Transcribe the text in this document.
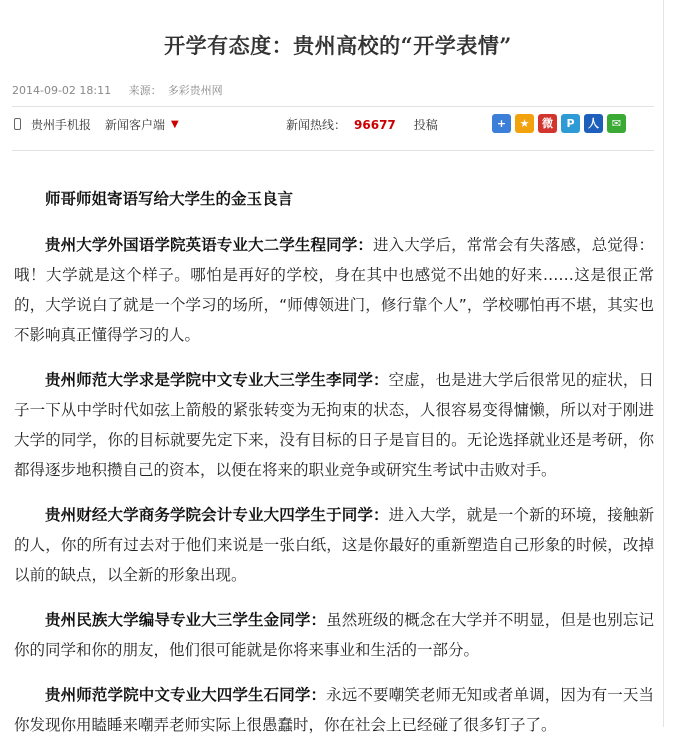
开学有态度：贵州高校的“开学表情”
2014-09-02 18:11 来源： 多彩贵州网
贵州手机报 新闻客户端 ▼	新闻热线： 96677 投稿	+	★	微	P	人	✉

师哥师姐寄语写给大学生的金玉良言

贵州大学外国语学院英语专业大二学生程同学：进入大学后，常常会有失落感，总觉得：哦！大学就是这个样子。哪怕是再好的学校，身在其中也感觉不出她的好来……这是很正常的，大学说白了就是一个学习的场所，“师傅领进门，修行靠个人”，学校哪怕再不堪，其实也不影响真正懂得学习的人。

贵州师范大学求是学院中文专业大三学生李同学：空虚，也是进大学后很常见的症状，日子一下从中学时代如弦上箭般的紧张转变为无拘束的状态，人很容易变得慵懒，所以对于刚进大学的同学，你的目标就要先定下来，没有目标的日子是盲目的。无论选择就业还是考研，你都得逐步地积攒自己的资本，以便在将来的职业竞争或研究生考试中击败对手。

贵州财经大学商务学院会计专业大四学生于同学：进入大学，就是一个新的环境，接触新的人，你的所有过去对于他们来说是一张白纸，这是你最好的重新塑造自己形象的时候，改掉以前的缺点，以全新的形象出现。

贵州民族大学编导专业大三学生金同学：虽然班级的概念在大学并不明显，但是也别忘记你的同学和你的朋友，他们很可能就是你将来事业和生活的一部分。

贵州师范学院中文专业大四学生石同学：永远不要嘲笑老师无知或者单调，因为有一天当你发现你用瞌睡来嘲弄老师实际上很愚蠢时，你在社会上已经碰了很多钉子了。
